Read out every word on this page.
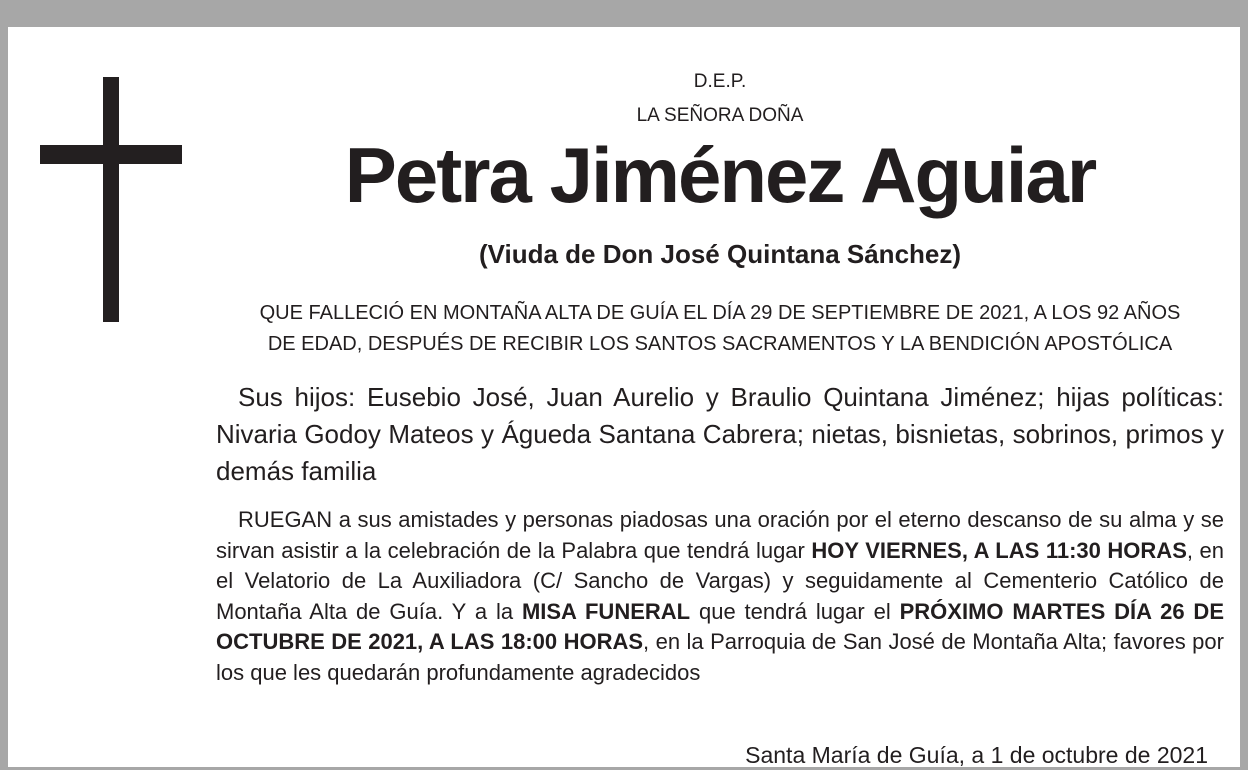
D.E.P.
LA SEÑORA DOÑA
Petra Jiménez Aguiar
(Viuda de Don José Quintana Sánchez)
QUE FALLECIÓ EN MONTAÑA ALTA DE GUÍA EL DÍA 29 DE SEPTIEMBRE DE 2021, A LOS 92 AÑOS
DE EDAD, DESPUÉS DE RECIBIR LOS SANTOS SACRAMENTOS Y LA BENDICIÓN APOSTÓLICA
Sus hijos: Eusebio José, Juan Aurelio y Braulio Quintana Jiménez; hijas políticas: Nivaria Godoy Mateos y Águeda Santana Cabrera; nietas, bisnietas, sobrinos, primos y demás familia
RUEGAN a sus amistades y personas piadosas una oración por el eterno descanso de su alma y se sirvan asistir a la celebración de la Palabra que tendrá lugar HOY VIERNES, A LAS 11:30 HORAS, en el Velatorio de La Auxiliadora (C/ Sancho de Vargas) y seguidamente al Cementerio Católico de Montaña Alta de Guía. Y a la MISA FUNERAL que tendrá lugar el PRÓXIMO MARTES DÍA 26 DE OCTUBRE DE 2021, A LAS 18:00 HORAS, en la Parroquia de San José de Montaña Alta; favores por los que les quedarán profundamente agradecidos
Santa María de Guía, a 1 de octubre de 2021
